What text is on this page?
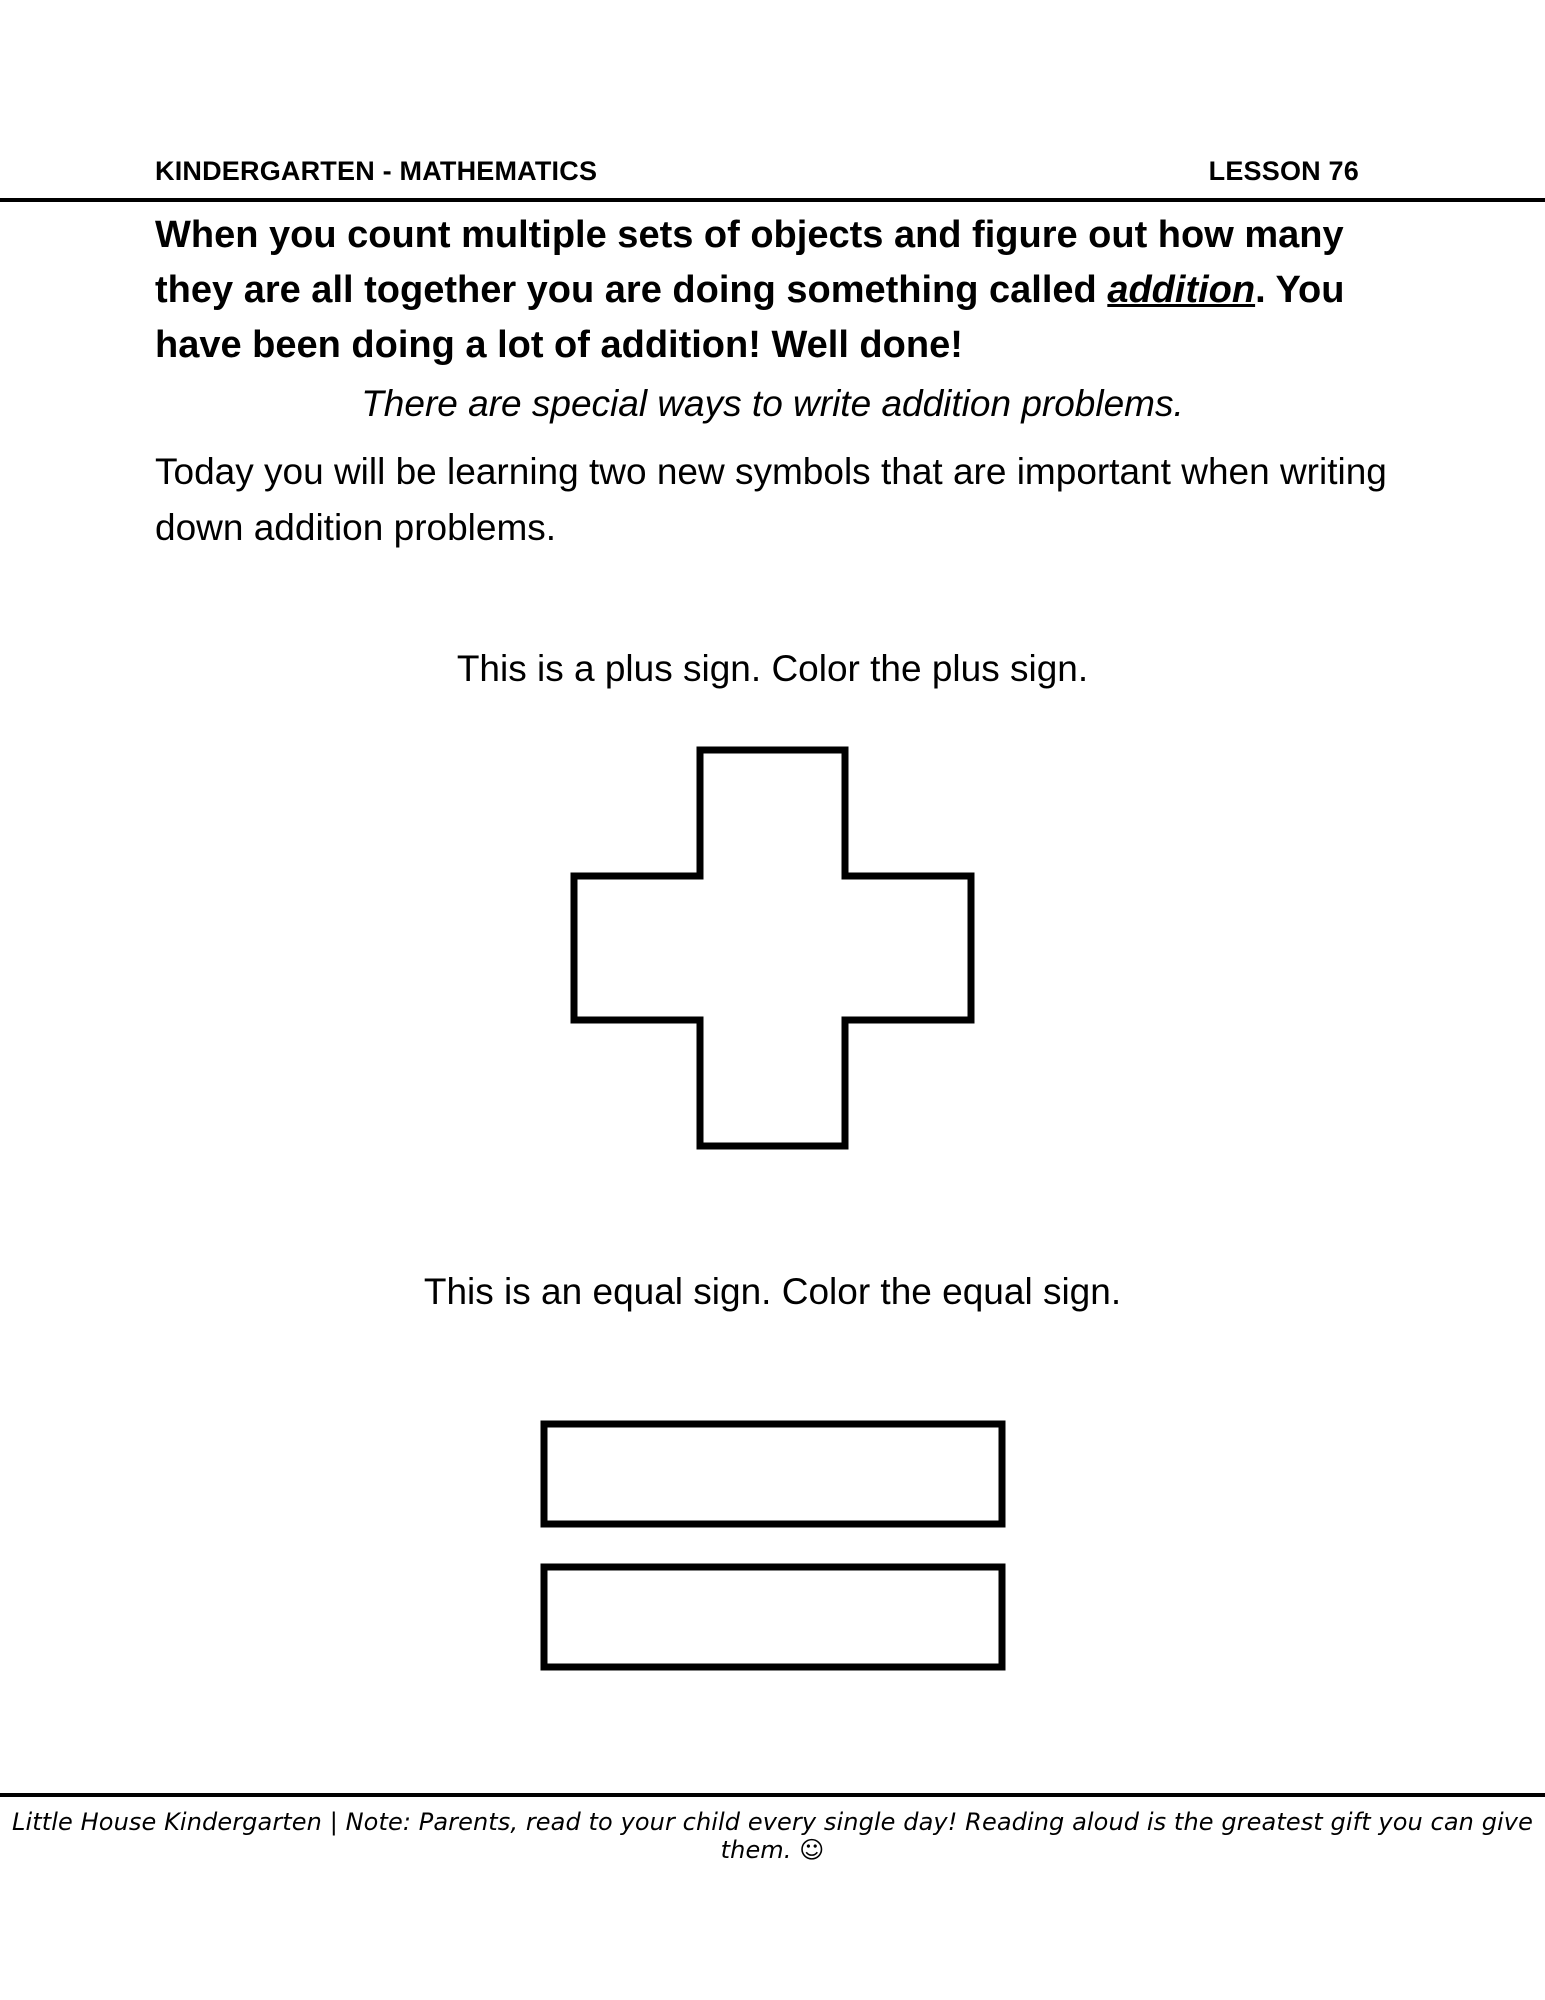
KINDERGARTEN - MATHEMATICS	LESSON 76
When you count multiple sets of objects and figure out how many they are all together you are doing something called addition. You have been doing a lot of addition! Well done!
There are special ways to write addition problems.
Today you will be learning two new symbols that are important when writing down addition problems.
This is a plus sign. Color the plus sign.
This is an equal sign. Color the equal sign.
Little House Kindergarten | Note: Parents, read to your child every single day! Reading aloud is the greatest gift you can give them. ☺
